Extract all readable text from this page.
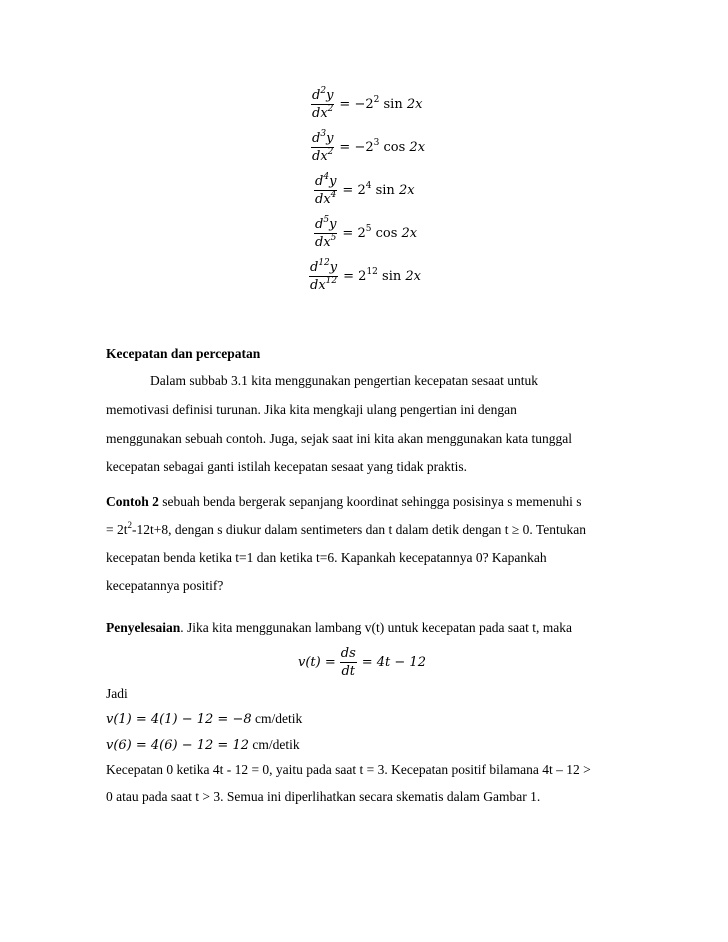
$\frac{d^2y}{dx^2} = -2^2$ sin 2x
$\frac{d^3y}{dx^2} = -2^3$ cos 2x
$\frac{d^4y}{dx^4} = 2^4$ sin 2x
$\frac{d^5y}{dx^5} = 2^5$ cos 2x
$\frac{d^{12}y}{dx^{12}} = 2^{12}$ sin 2x
Kecepatan dan percepatan
Dalam subbab 3.1 kita menggunakan pengertian kecepatan sesaat untuk
memotivasi definisi turunan. Jika kita mengkaji ulang pengertian ini dengan
menggunakan sebuah contoh. Juga, sejak saat ini kita akan menggunakan kata tunggal
kecepatan sebagai ganti istilah kecepatan sesaat yang tidak praktis.
Contoh 2 sebuah benda bergerak sepanjang koordinat sehingga posisinya s memenuhi s
= $2t^2-12t+8$, dengan s diukur dalam sentimeters dan t dalam detik dengan t ≥ 0. Tentukan
kecepatan benda ketika t=1 dan ketika t=6. Kapankah kecepatannya 0? Kapankah
kecepatannya positif?
Penyelesaian. Jika kita menggunakan lambang v(t) untuk kecepatan pada saat t, maka
$v(t) = \frac{ds}{dt} = 4t - 12$
Jadi
v(1) = 4(1) − 12 = −8 cm/detik
v(6) = 4(6) − 12 = 12 cm/detik
Kecepatan 0 ketika 4t - 12 = 0, yaitu pada saat t = 3. Kecepatan positif bilamana 4t – 12 >
0 atau pada saat t > 3. Semua ini diperlihatkan secara skematis dalam Gambar 1.
